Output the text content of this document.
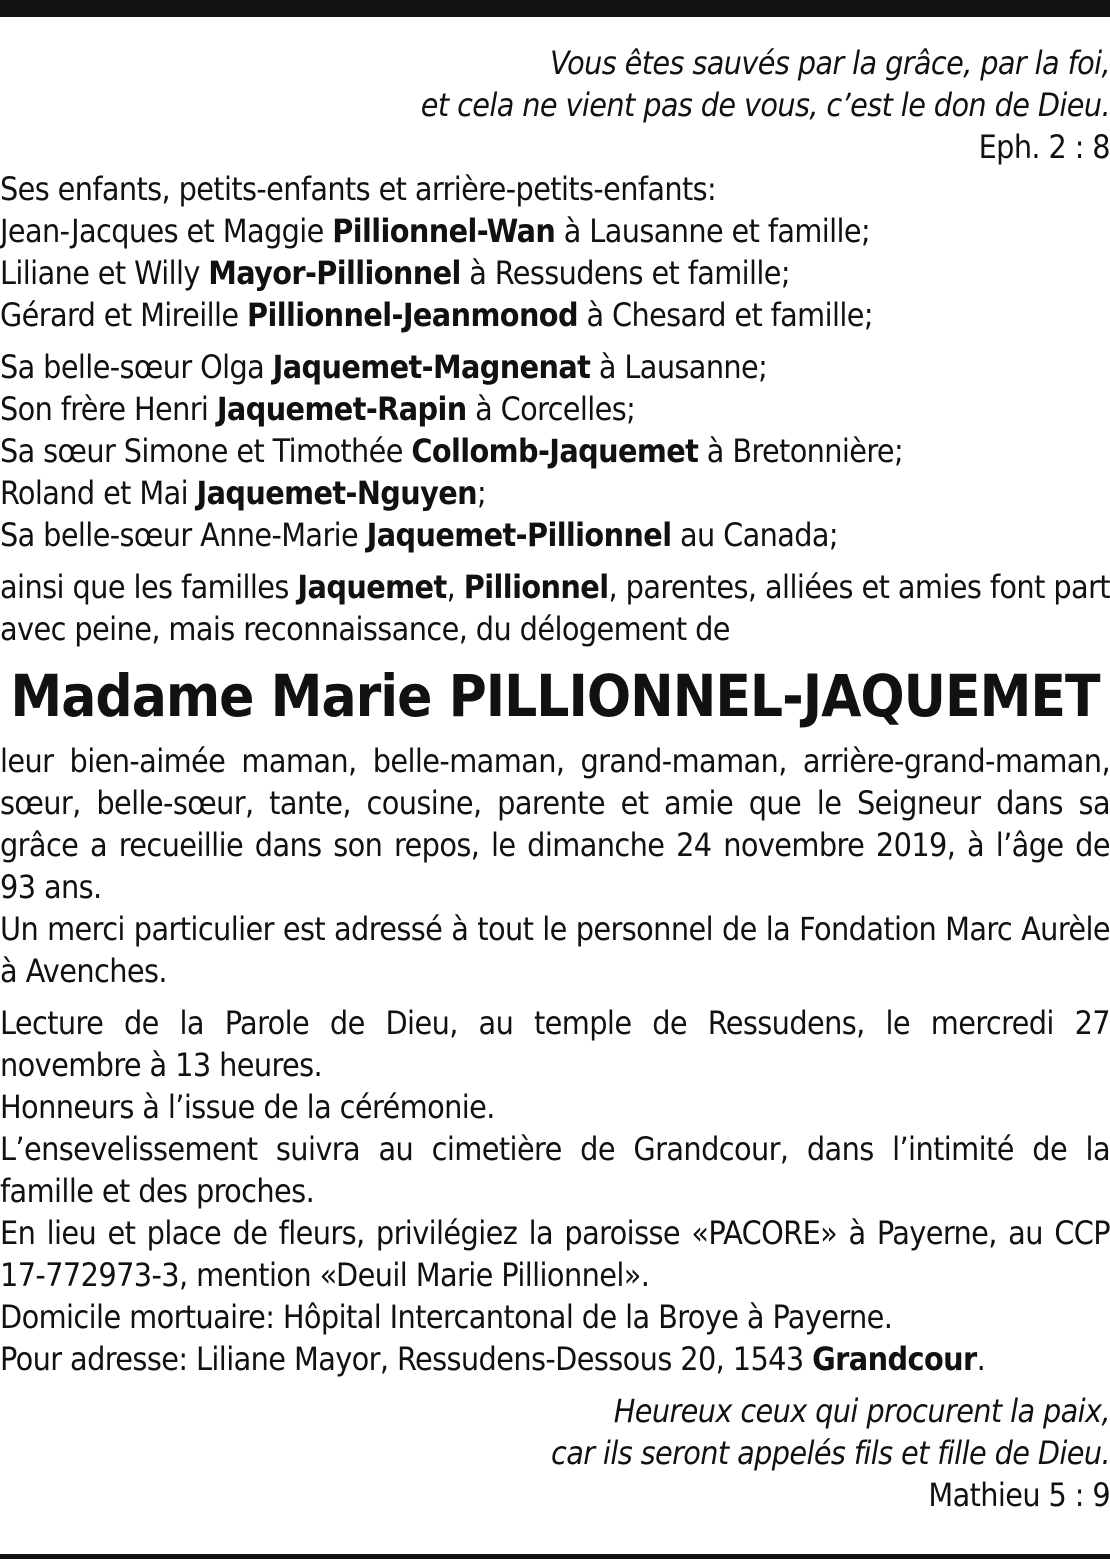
Vous êtes sauvés par la grâce, par la foi,
et cela ne vient pas de vous, c’est le don de Dieu.
Eph. 2 : 8
Ses enfants, petits-enfants et arrière-petits-enfants:
Jean-Jacques et Maggie Pillionnel-Wan à Lausanne et famille;
Liliane et Willy Mayor-Pillionnel à Ressudens et famille;
Gérard et Mireille Pillionnel-Jeanmonod à Chesard et famille;
Sa belle-sœur Olga Jaquemet-Magnenat à Lausanne;
Son frère Henri Jaquemet-Rapin à Corcelles;
Sa sœur Simone et Timothée Collomb-Jaquemet à Bretonnière;
Roland et Mai Jaquemet-Nguyen;
Sa belle-sœur Anne-Marie Jaquemet-Pillionnel au Canada;
ainsi que les familles Jaquemet, Pillionnel, parentes, alliées et amies font part avec peine, mais reconnaissance, du délogement de
Madame Marie PILLIONNEL-JAQUEMET
leur bien-aimée maman, belle-maman, grand-maman, arrière-grand-maman, sœur, belle-sœur, tante, cousine, parente et amie que le Seigneur dans sa grâce a recueillie dans son repos, le dimanche 24 novembre 2019, à l’âge de 93 ans.
Un merci particulier est adressé à tout le personnel de la Fondation Marc Aurèle à Avenches.
Lecture de la Parole de Dieu, au temple de Ressudens, le mercredi 27 novembre à 13 heures.
Honneurs à l’issue de la cérémonie.
L’ensevelissement suivra au cimetière de Grandcour, dans l’intimité de la famille et des proches.
En lieu et place de fleurs, privilégiez la paroisse «PACORE» à Payerne, au CCP 17-772973-3, mention «Deuil Marie Pillionnel».
Domicile mortuaire: Hôpital Intercantonal de la Broye à Payerne.
Pour adresse: Liliane Mayor, Ressudens-Dessous 20, 1543 Grandcour.
Heureux ceux qui procurent la paix,
car ils seront appelés fils et fille de Dieu.
Mathieu 5 : 9
